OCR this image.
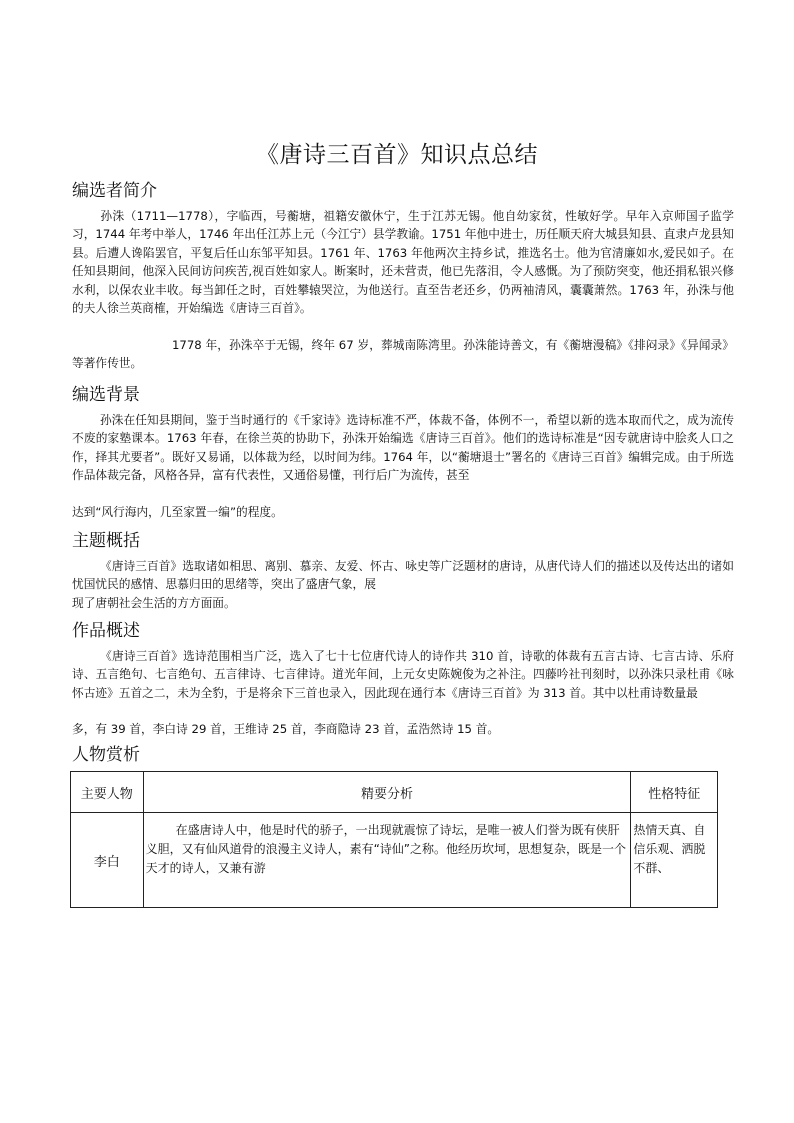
《唐诗三百首》知识点总结
编选者简介

孙洙（1711—1778），字临西，号蘅塘，祖籍安徽休宁，生于江苏无锡。他自幼家贫，性敏好学。早年入京师国子监学习，1744 年考中举人，1746 年出任江苏上元（今江宁）县学教谕。1751 年他中进士，历任顺天府大城县知县、直隶卢龙县知县。后遭人谗陷罢官，平复后任山东邹平知县。1761 年、1763 年他两次主持乡试，推选名士。他为官清廉如水,爱民如子。在任知县期间，他深入民间访问疾苦,视百姓如家人。断案时，还未营责，他已先落泪，令人感慨。为了预防突变，他还捐私银兴修水利，以保农业丰收。每当卸任之时，百姓攀辕哭泣，为他送行。直至告老还乡，仍两袖清风，囊囊萧然。1763 年，孙洙与他的夫人徐兰英商榷，开始编选《唐诗三百首》。

1778 年，孙洙卒于无锡，终年 67 岁，葬城南陈湾里。孙洙能诗善文，有《蘅塘漫稿》《排闷录》《异闻录》等著作传世。

编选背景

孙洙在任知县期间，鉴于当时通行的《千家诗》选诗标准不严，体裁不备，体例不一，希望以新的选本取而代之，成为流传不废的家塾课本。1763 年春，在徐兰英的协助下，孙洙开始编选《唐诗三百首》。他们的选诗标准是“因专就唐诗中脍炙人口之作，择其尤要者”。既好又易诵，以体裁为经，以时间为纬。1764 年，以“蘅塘退士”署名的《唐诗三百首》编辑完成。由于所选作品体裁完备，风格各异，富有代表性，又通俗易懂，刊行后广为流传，甚至

达到“风行海内，几至家置一编”的程度。

主题概括

《唐诗三百首》选取诸如相思、离别、慕亲、友爱、怀古、咏史等广泛题材的唐诗，从唐代诗人们的描述以及传达出的诸如忧国忧民的感情、思慕归田的思绪等，突出了盛唐气象，展

现了唐朝社会生活的方方面面。

作品概述

《唐诗三百首》选诗范围相当广泛，选入了七十七位唐代诗人的诗作共 310 首，诗歌的体裁有五言古诗、七言古诗、乐府诗、五言绝句、七言绝句、五言律诗、七言律诗。道光年间，上元女史陈婉俊为之补注。四藤吟社刊刻时，以孙洙只录杜甫《咏怀古迹》五首之二，未为全豹，于是将余下三首也录入，因此现在通行本《唐诗三百首》为 313 首。其中以杜甫诗数量最

多，有 39 首，李白诗 29 首，王维诗 25 首，李商隐诗 23 首，孟浩然诗 15 首。

人物赏析
主要人物	精要分析	性格特征
李白	在盛唐诗人中，他是时代的骄子，一出现就震惊了诗坛，是唯一被人们誉为既有侠肝义胆，又有仙风道骨的浪漫主义诗人，素有“诗仙”之称。他经历坎坷，思想复杂，既是一个天才的诗人，又兼有游	热情天真、自信乐观、洒脱不群、
